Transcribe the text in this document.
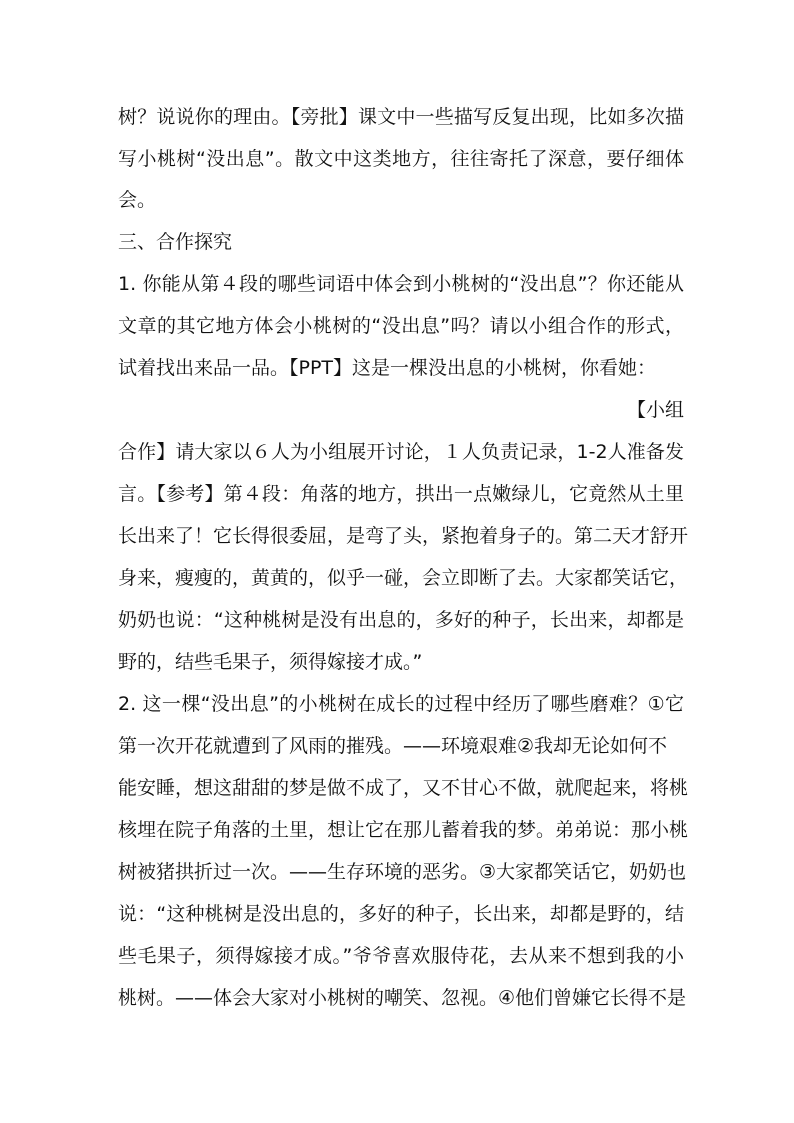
树？说说你的理由。【旁批】课文中一些描写反复出现，比如多次描
写小桃树“没出息”。散文中这类地方，往往寄托了深意，要仔细体
会。
三、合作探究
1. 你能从第４段的哪些词语中体会到小桃树的“没出息”？你还能从
文章的其它地方体会小桃树的“没出息”吗？请以小组合作的形式，
试着找出来品一品。【PPT】这是一棵没出息的小桃树，你看她：
【小组
合作】请大家以６人为小组展开讨论，１人负责记录，1-2人准备发
言。【参考】第４段：角落的地方，拱出一点嫩绿儿，它竟然从土里
长出来了！它长得很委屈，是弯了头，紧抱着身子的。第二天才舒开
身来，瘦瘦的，黄黄的，似乎一碰，会立即断了去。大家都笑话它，
奶奶也说：“这种桃树是没有出息的，多好的种子，长出来，却都是
野的，结些毛果子，须得嫁接才成。”
2. 这一棵“没出息”的小桃树在成长的过程中经历了哪些磨难？①它
第一次开花就遭到了风雨的摧残。——环境艰难②我却无论如何不
能安睡，想这甜甜的梦是做不成了，又不甘心不做，就爬起来，将桃
核埋在院子角落的土里，想让它在那儿蓄着我的梦。弟弟说：那小桃
树被猪拱折过一次。——生存环境的恶劣。③大家都笑话它，奶奶也
说：“这种桃树是没出息的，多好的种子，长出来，却都是野的，结
些毛果子，须得嫁接才成。”爷爷喜欢服侍花，去从来不想到我的小
桃树。——体会大家对小桃树的嘲笑、忽视。④他们曾嫌它长得不是
